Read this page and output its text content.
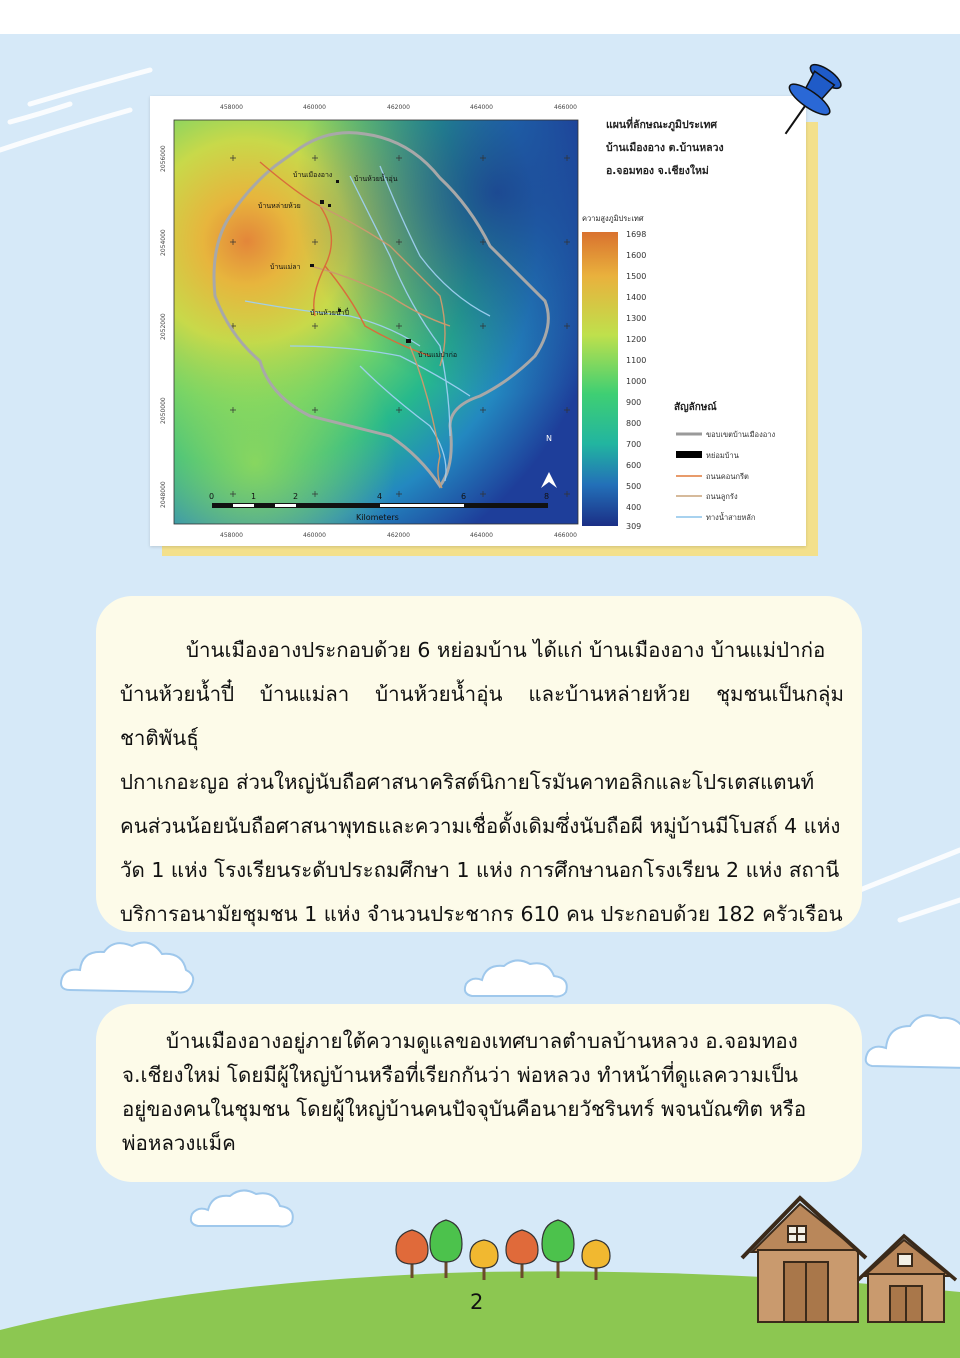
458000	460000	462000	464000	466000
458000	460000	462000	464000	466000
2056000
2054000
2052000
2050000
2048000
บ้านเมืองอาง	บ้านห้วยน้ำอุ่น
บ้านหล่ายห้วย
บ้านแม่ลา
บ้านห้วยน้ำปี๋
บ้านแม่ป่าก่อ
N
0	1	2	4	6	8
Kilometers
แผนที่ลักษณะภูมิประเทศ
บ้านเมืองอาง ต.บ้านหลวง
อ.จอมทอง จ.เชียงใหม่
ความสูงภูมิประเทศ
1698
1600
1500
1400
1300
1200
1100
1000
900
800
700
600
500
400
309
สัญลักษณ์
ขอบเขตบ้านเมืองอาง
หย่อมบ้าน
ถนนคอนกรีต
ถนนลูกรัง
ทางน้ำสายหลัก
บ้านเมืองอางประกอบด้วย 6 หย่อมบ้าน ได้แก่ บ้านเมืองอาง บ้านแม่ป่าก่อ
บ้านห้วยน้ำปี๋ บ้านแม่ลา บ้านห้วยน้ำอุ่น และบ้านหล่ายห้วย ชุมชนเป็นกลุ่มชาติพันธุ์
ปกาเกอะญอ ส่วนใหญ่นับถือศาสนาคริสต์นิกายโรมันคาทอลิกและโปรเตสแตนท์
คนส่วนน้อยนับถือศาสนาพุทธและความเชื่อดั้งเดิมซึ่งนับถือผี หมู่บ้านมีโบสถ์ 4 แห่ง
วัด 1 แห่ง โรงเรียนระดับประถมศึกษา 1 แห่ง การศึกษานอกโรงเรียน 2 แห่ง สถานี
บริการอนามัยชุมชน 1 แห่ง จำนวนประชากร 610 คน ประกอบด้วย 182 ครัวเรือน
บ้านเมืองอางอยู่ภายใต้ความดูแลของเทศบาลตำบลบ้านหลวง อ.จอมทอง
จ.เชียงใหม่ โดยมีผู้ใหญ่บ้านหรือที่เรียกกันว่า พ่อหลวง ทำหน้าที่ดูแลความเป็น
อยู่ของคนในชุมชน โดยผู้ใหญ่บ้านคนปัจจุบันคือนายวัชรินทร์ พจนบัณฑิต หรือ
พ่อหลวงแม็ค
2
